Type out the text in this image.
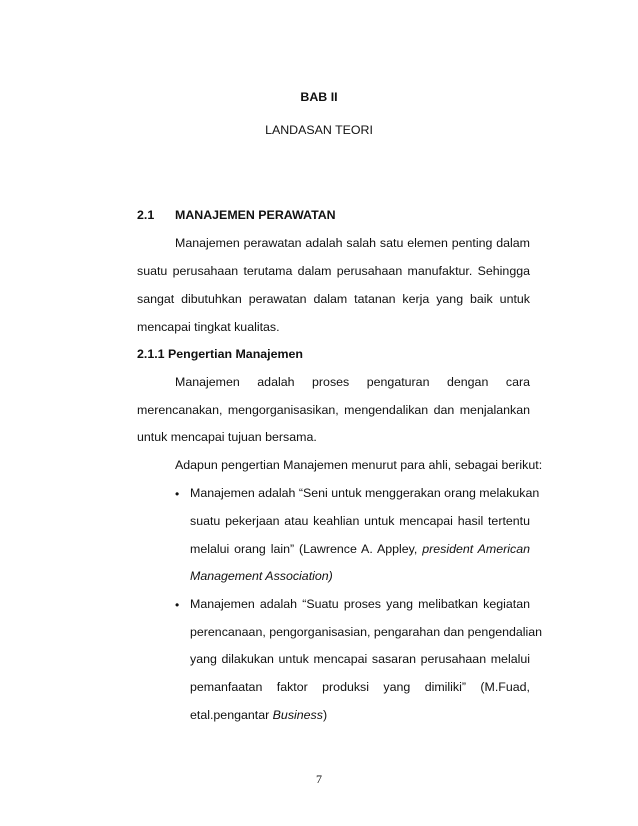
BAB II
LANDASAN TEORI
2.1 MANAJEMEN PERAWATAN
Manajemen perawatan adalah salah satu elemen penting dalam
suatu perusahaan terutama dalam perusahaan manufaktur. Sehingga
sangat dibutuhkan perawatan dalam tatanan kerja yang baik untuk
mencapai tingkat kualitas.
2.1.1 Pengertian Manajemen
Manajemen adalah proses pengaturan dengan cara
merencanakan, mengorganisasikan, mengendalikan dan menjalankan
untuk mencapai tujuan bersama.
Adapun pengertian Manajemen menurut para ahli, sebagai berikut:
• Manajemen adalah “Seni untuk menggerakan orang melakukan
suatu pekerjaan atau keahlian untuk mencapai hasil tertentu
melalui orang lain” (Lawrence A. Appley, president American
Management Association)
• Manajemen adalah “Suatu proses yang melibatkan kegiatan
perencanaan, pengorganisasian, pengarahan dan pengendalian
yang dilakukan untuk mencapai sasaran perusahaan melalui
pemanfaatan faktor produksi yang dimiliki” (M.Fuad,
etal.pengantar Business)
7
